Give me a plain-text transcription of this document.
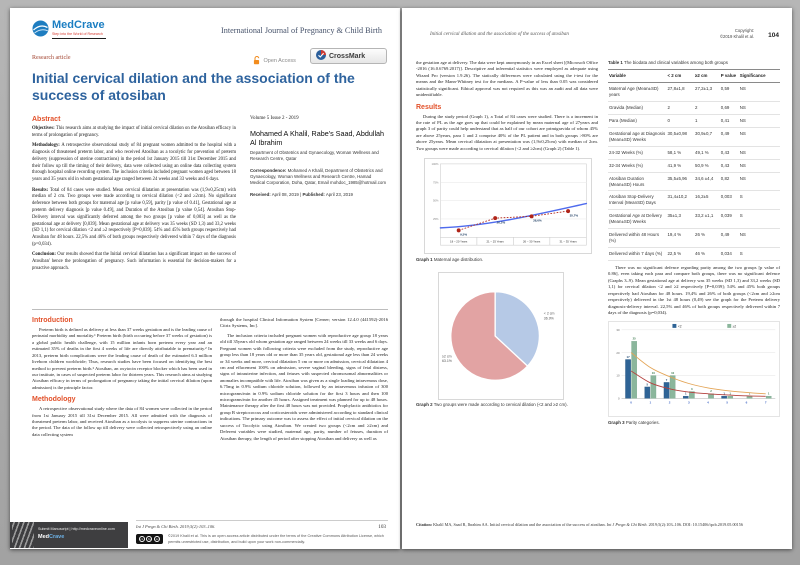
MedCrave
Step into the World of Research	International Journal of Pregnancy & Child Birth
Research article	Open Access
CrossMark
Initial cervical dilation and the association of the success of atosiban
Abstract

Objectives: This research aims at studying the impact of initial cervical dilation on the Atosiban efficacy in terms of prolongation of pregnancy.

Methodology: A retrospective observational study of 84 pregnant women admitted to the hospital with a diagnosis of threatened preterm labor, and who received Atosiban as a tocolytic for prevention of preterm delivery (suppression of uterine contractions) in the period 1st January 2015 till 31st December 2015 and their follow up till the timing of their delivery, data were collected using an online data collecting system through hospital online recording system. The inclusion criteria included pregnant women aged between 18 years and 35 years old in whom gestational age ranged between 24 weeks and 33 weeks and 6 days.

Results: Total of 84 cases were studied. Mean cervical dilatation at presentation was (1,9±0,25cm) with median of 2 cm. Two groups were made according to cervical dilation (<2 and ≥2cm). No significant deference between both groups for maternal age [p value 0,59], parity [p value of 0.41], Gestational age at preterm delivery diagnosis [p value 0.49], and Duration of the Atosiban [p value 0,54]. Atosiban Stop-Delivery interval was significantly deferred among the two groups [p value of 0,003] as well as the gestational age at delivery [0,039]. Mean gestational age at delivery was 35 weeks (SD 1,3) and 33,2 weeks (SD 1,1) for cervical dilation <2 and ≥2 respectively [P=0,039]. 54% and 45% both groups respectively had Atosiban for 48 hours. 22,5% and 46% of both groups respectively delivered within 7 days of the diagnosis (p=0,034).

Conclusion: Our results showed that the Initial cervical dilatation has a significant impact on the success of Atosiban' hence the prolongation of pregnancy. Such information is essential for decision-makers for a proactive approach.

Volume 5 Issue 2 - 2019
Mohamed A Khalil, Rabe's Saad, Abdullah Al Ibrahim
Department of Obstetrics and Gynaecology, Woman Wellness and Research Centre, Qatar
Correspondence: Mohamed A Khalil, Department of Obstetrics and Gynaecology, Woman Wellness and Research Centre, Hamad Medical Corporation, Doha, Qatar, Email mohdoc_1985@hotmail.com
Received: April 08, 2019 | Published: April 23, 2019
Introduction

Preterm birth is defined as delivery at less than 37 weeks gestation and is the leading cause of perinatal morbidity and mortality.¹ Preterm birth (birth occurring before 37 weeks of gestation) is a global public health challenge, with 15 million infants born preterm every year and an estimated 35% of deaths in the first 4 weeks of life are directly attributable to prematurity.² In 2013, preterm birth complications were the leading cause of death of the estimated 6.3 million liveborn children worldwide; Thus, research studies have been focused on identifying the best method to prevent preterm birth.³ Atosiban, an oxytocin receptor blocker which has been used in our institute, in cases of suspected preterm labor for thirteen years. This research aims at studying Atosiban efficacy in terms of prolongation of pregnancy taking the initial cervical dilation (upon admission) is the principle factor.

Methodology

A retrospective observational study where the data of 84 women were collected in the period from 1st January 2015 till 31st December 2015. All were admitted with the diagnosis of threatened preterm labor, and received Atosiban as a tocolysis to suppress uterine contractions in the period. The data of the follow up till delivery were collected retrospectively using an online data collecting system

through the hospital Clinical Information System [Cerner; version 12.4.0 (441592)-2016 Citrix Systems, Inc].

The inclusion criteria included pregnant women with reproductive age group 18 years old till 35years old whom gestation age ranged between 24 weeks till 33 weeks and 6 days. Pregnant women with following criteria were excluded from the study, reproductive age group less than 18 years old or more than 35 years old, gestational age less than 24 weeks or 34 weeks and more, cervical dilatation 5 cm or more on admission, cervical dilatation 4 cm and effacement 100% on admission, severe vaginal bleeding, signs of fetal distress, signs of intrauterine infection, and fetuses with suspected chromosomal abnormalities or anomalies incompatible with life. Atosiban was given as a single loading intravenous dose, 6.75mg in 0.9% sodium chloride solution, followed by an intravenous infusion of 300 micrograms/min in 0.9% sodium chloride solution for the first 3 hours and then 100 micrograms/min for another 45 hours. Assigned treatment was planned for up to 48 hours. Maintenance therapy after the first 48 hours was not provided. Prophylactic antibiotics for group B streptococcus and corticosteroids were administered according to standard clinical indications. The primary outcome was to assess the effect of initial cervical dilation on the success of Tocolytic using Atosiban. We created two groups (<2cm and ≥2cm) and Deferent variables were studied, maternal age, parity, number of fetuses, duration of Atosiban therapy, the length of period after stopping Atosiban and delivery as well as

Submit Manuscript | http://medcraveonline.com
MedCrave
Int J Pregn & Chi Birth. 2019;5(2):103–106.	103
cc	by	nc
©2019 Khalil et al. This is an open access article distributed under the terms of the Creative Commons Attribution License, which permits unrestricted use, distribution, and build upon your work non-commercially.
Initial cervical dilation and the association of the success of atosiban
Copyright:
©2019 Khalil et al. 104

the gestation age at delivery. The data were kept anonymously in an Excel sheet [(Microsoft Office -2016 (16.0.6769.2017)]. Descriptive and inferential statistics were employed as adequate using Wizard Pro (version 1.9.26). The statically differences were calculated using the t-test for the means and the Mann-Whitney test for the medians. A P-value of less than 0.05 was considered statistically significant. Ethical approval was not required as this was an audit and all data were unidentifiable.

Results

During the study period (Graph 1), a Total of 84 cases were studied. There is a increment in the rate of PL as the age goes up that could be explained by mean maternal age of 27years and graph 3 of parity could help understand that as half of our cohort are primigravida of whom 45% are above 25years, para 1 and 2 comprise 40% of the PL patient and in both groups >80% are above 25years. Mean cervical dilatation at presentation was (1,9±0,25cm) with median of 2cm. Two groups were made according to cervical dilation (<2 and ≥2cm) (Graph 2) (Table 1).

25%
50%
75%
100%
18 – 20 Years	21 – 25 Years	26 – 30 Years	31 – 35 Years
9,5%
26,2%	28,6%
35,7%
Graph 1 Maternal age distribution.
< 2 cm 36.9%
≥2 cm 63.1%
Graph 2 Two groups were made according to cervical dilation (<2 and ≥2 cm).
Table 1 The biodata and clinical variables among both groups
Variable	< 2 cm	≥2 cm	P value	Significance
Maternal Age (Mean±SD) years	27,8±1,8	27,2±1,3	0,59	NS
Gravida (Median)	2	2	0,69	NS
Para (Median)	0	1	0,41	NS
Gestational age at Diagnosis (Mean±SD) Weeks	30,5±0,98	30,9±0,7	0,49	NS
24-32 Weeks (%)	58,1 %	49,1 %	0,43	NS
32-34 Weeks (%)	41,9 %	50,9 %	0,43	NS
Atosiban Duration (Mean±SD) Hours	35,5±5,96	34,6 ±4,4	0,82	NS
Atosiban Stop-Delivery Interval (MeanSD) Days	31,4±10,2	16,2±5	0,003	S
Gestational Age at Delivery (Mean±SD) Weeks	35±1,3	33,2 ±1,1	0,039	S
Delivered within 48 Hours (%)	19,4 %	26 %	0,49	NS
Delivered within 7 days (%)	22,5 %	46 %	0,034	S

There was no significant defence regarding parity among the two groups [p value of 0.86], even taking each para and compare both groups, there was no significant defence (Graphs 3–9). Mean gestational age at delivery was 35 weeks (SD 1,3) and 33,2 weeks (SD 1,1) for cervical dilation <2 and ≥2 respectively [P=0,039]; 54% and 45% both groups respectively had Atosiban for 48 hours. 19,4% and 26% of both groups (<2cm and ≥2cm respectively) delivered in the 1st 48 hours (0,49) see the graph for the Preterm delivery diagnosis-delivery interval. 22,5% and 46% of both groups respectively delivered within 7 days of the diagnosis (p=0,034).

0
10
20
30
<2	≥2
17
25
0
5
10
1
7
10
2
1
3
3
2
4
1 1
5
1
6
1
7
Graph 3 Parity categories.
Citation: Khalil MA, Saad R, Ibrahim AA. Initial cervical dilation and the association of the success of atosiban. Int J Pregn & Chi Birth. 2019;5(2):103–106. DOI: 10.15406/ipcb.2019.05.00156
